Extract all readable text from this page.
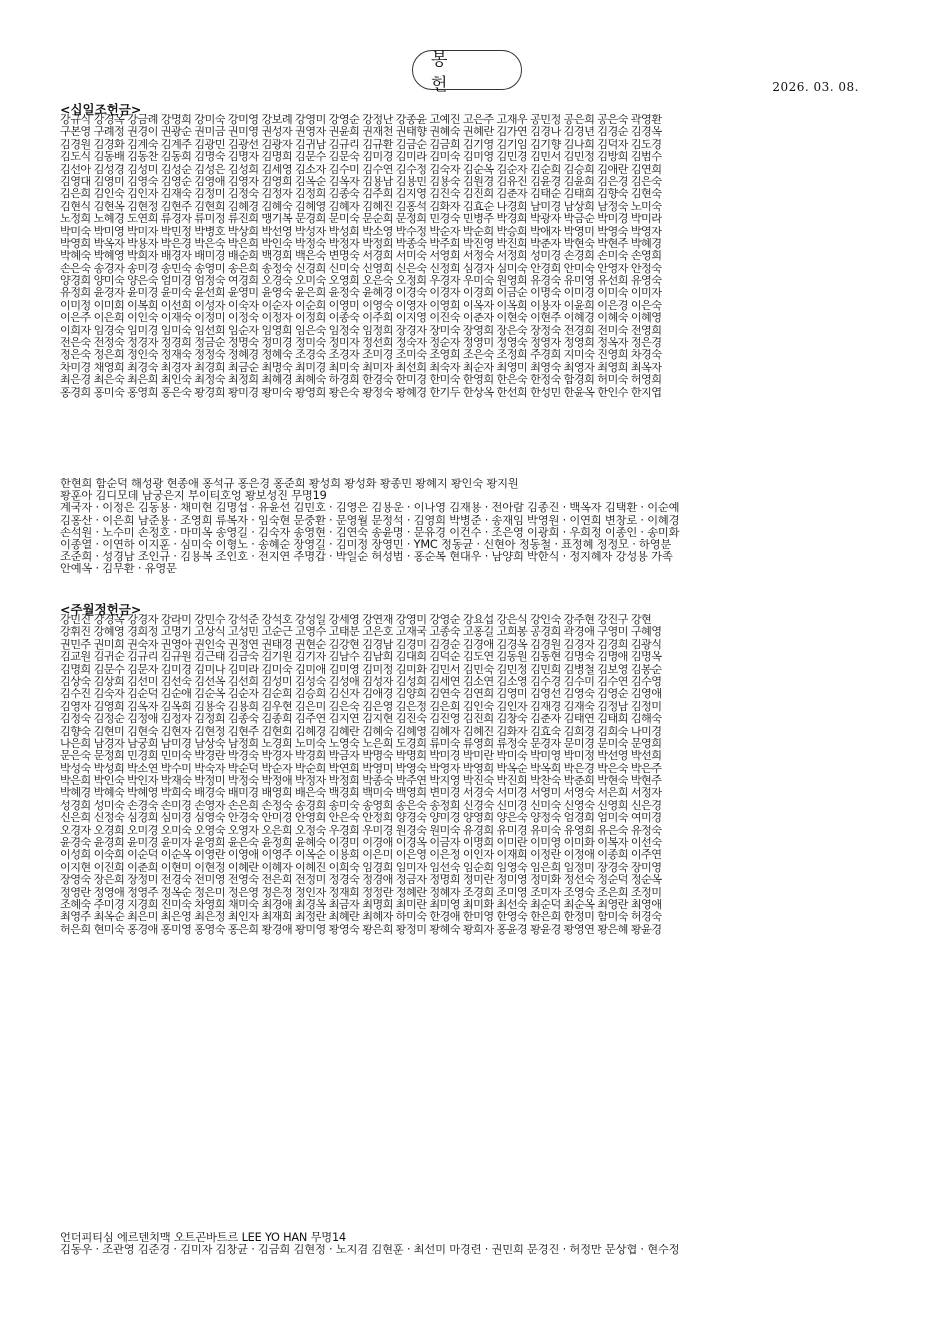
봉 헌	2026. 03. 08.
<십일조헌금>
강규식 강경옥 강금례 강명희 강미숙 강미영 강보례 강영미 강영순 강정난 강종윤 고예진 고은주 고재우 공민정 공은희 공은숙 곽영환
구본영 구례정 권경이 권광순 권미금 권미영 권성자 권영자 권윤희 권재천 권태향 권혜숙 권혜란 김가연 김경나 김경년 김경순 김경옥
김경원 김경화 김계숙 김계주 김광민 김광선 김광자 김귀남 김규리 김규환 김금순 김금희 김기영 김기임 김기향 김나희 김덕자 김도경
김도식 김동배 김동찬 김동희 김명숙 김명자 김명희 김문수 김문숙 김미경 김미라 김미숙 김미영 김민경 김민서 김민정 김방희 김범수
김선아 김성경 김성미 김성순 김성은 김성희 김세영 김소자 김수미 김수연 김수정 김숙자 김순옥 김순자 김순희 김승희 김애란 김연희
김영대 김영미 김영숙 김영순 김영애 김영자 김영희 김옥순 김옥자 김용남 김용민 김용숙 김원경 김유진 김윤경 김윤희 김은경 김은숙
김은희 김인숙 김인자 김재숙 김정미 김정숙 김정자 김정희 김종숙 김주희 김지영 김진숙 김진희 김춘자 김태순 김태희 김향숙 김현숙
김현식 김현옥 김현정 김현주 김현희 김혜경 김혜숙 김혜영 김혜자 김혜진 김홍석 김화자 김효순 나경희 남미경 남상희 남정숙 노미숙
노정희 노혜경 도연희 류경자 류미정 류진희 맹기복 문경희 문미숙 문순희 문정희 민경숙 민병주 박경희 박광자 박금순 박미경 박미라
박미숙 박미영 박미자 박민정 박병호 박상희 박선영 박성자 박성희 박소영 박수정 박순자 박순희 박승희 박애자 박영미 박영숙 박영자
박영희 박옥자 박용자 박은경 박은숙 박은희 박인숙 박정숙 박정자 박정희 박종숙 박주희 박진영 박진희 박춘자 박현숙 박현주 박혜경
박혜숙 박혜영 박희자 배경자 배미경 배순희 백경희 백은숙 변명숙 서경희 서미숙 서영희 서정숙 서정희 성미경 손경희 손미숙 손영희
손은숙 송경자 송미경 송민숙 송영미 송은희 송정숙 신경희 신미숙 신영희 신은숙 신정희 심경자 심미숙 안경희 안미숙 안영자 안정숙
양경희 양미숙 양은숙 엄미경 엄정숙 여경희 오경숙 오미숙 오영희 오은숙 오정희 우경자 우미숙 원영희 유경숙 유미영 유선희 유영숙
유정희 윤경자 윤미경 윤미숙 윤선희 윤영미 윤영숙 윤은희 윤정숙 윤혜경 이경숙 이경자 이경희 이금순 이명숙 이미경 이미숙 이미자
이미정 이미희 이복희 이선희 이성자 이숙자 이순자 이순희 이영미 이영숙 이영자 이영희 이옥자 이옥희 이용자 이윤희 이은경 이은숙
이은주 이은희 이인숙 이재숙 이정미 이정숙 이정자 이정희 이종숙 이주희 이지영 이진숙 이춘자 이현숙 이현주 이혜경 이혜숙 이혜영
이희자 임경숙 임미경 임미숙 임선희 임순자 임영희 임은숙 임정숙 임정희 장경자 장미숙 장영희 장은숙 장정숙 전경희 전미숙 전영희
전은숙 전정숙 정경자 정경희 정금순 정명숙 정미경 정미숙 정미자 정선희 정숙자 정순자 정영미 정영숙 정영자 정영희 정옥자 정은경
정은숙 정은희 정인숙 정재숙 정정숙 정혜경 정혜숙 조경숙 조경자 조미경 조미숙 조영희 조은숙 조정희 주경희 지미숙 진영희 차경숙
차미경 채영희 최경숙 최경자 최경희 최금순 최명숙 최미경 최미숙 최미자 최선희 최숙자 최순자 최영미 최영숙 최영자 최영희 최옥자
최은경 최은숙 최은희 최인숙 최정숙 최정희 최혜경 최혜숙 하경희 한경숙 한미경 한미숙 한영희 한은숙 한정숙 함경희 허미숙 허영희
홍경희 홍미숙 홍영희 홍은숙 황경희 황미경 황미숙 황영희 황은숙 황정숙 황혜경 한기두 한상옥 한선희 한성민 한윤옥 한인수 한지엽
한현희 함순덕 해성광 현종애 홍석규 홍은경 홍준희 황성희 황성화 황종민 황혜지 황인숙 황지원
황훈아 김디모데 남궁은지 부이티호엉 황보성진 무명19
계국자 · 이정은 김동용 · 채미현 김명섭 · 유윤선 김민호 · 김영은 김용운 · 이나영 김재용 · 전아람 김종진 · 백옥자 김택환 · 이순예
김홍산 · 이은희 남준용 · 조영희 류복자 · 임숙현 문중환 · 문영월 문정석 · 김영희 박병준 · 송재임 박영원 · 이연희 변창로 · 이혜경
손석원 · 노수미 손정호 · 마미옥 송영길 · 김숙자 송영현 · 김연숙 송윤명 · 문유경 이건수 · 조은영 이광희 · 우희정 이종인 · 송미화
이종열 · 이연하 이지훈 · 심미숙 이형노 · 송혜순 장영길 · 김미정 장영민 · YMC 정동균 · 신현아 정동철 · 표정혜 정정모 · 하영분
조준희 · 성경남 조인규 · 김용복 조인호 · 전지연 주명갑 · 박일순 허성범 · 홍순복 현대우 · 남양희 박한식 · 정지혜자 강성용 가족
안예옥 · 김무환 · 유영문
<주월정헌금>
강민진 강경옥 강경자 강라미 강민수 강석준 강석호 강성일 강세영 강연재 강영미 강영순 강요섭 강은식 강인숙 강주현 강진구 강현
강휘진 강혜영 경희정 고명기 고상식 고성민 고순근 고영수 고태분 고은호 고재국 고종숙 고홍길 고희봉 공경희 곽경애 구영미 구혜영
권민주 권미희 권숙자 권영아 권인숙 권정연 권태경 권현순 김강현 김경남 김경미 김경순 김경애 김경옥 김경원 김경자 김경희 김광식
김교원 김귀순 김규리 김규원 김근태 김금숙 김기원 김기자 김남수 김남희 김대희 김덕순 김도연 김동원 김동현 김명숙 김명애 김명옥
김명희 김문수 김문자 김미경 김미나 김미라 김미숙 김미애 김미영 김미정 김미화 김민서 김민숙 김민정 김민희 김병철 김보영 김봉순
김상숙 김상희 김선미 김선숙 김선옥 김선희 김성미 김성숙 김성애 김성자 김성희 김세연 김소연 김소영 김수경 김수미 김수연 김수영
김수진 김숙자 김순덕 김순애 김순옥 김순자 김순희 김승희 김신자 김애경 김양희 김연숙 김연희 김영미 김영선 김영숙 김영순 김영애
김영자 김영희 김옥자 김옥희 김용숙 김용희 김우현 김은미 김은숙 김은영 김은정 김은희 김인숙 김인자 김재경 김재숙 김정남 김정미
김정숙 김정순 김정애 김정자 김정희 김종숙 김종희 김주연 김지연 김지현 김진숙 김진영 김진희 김창숙 김춘자 김태연 김태희 김해숙
김향숙 김현미 김현숙 김현자 김현정 김현주 김현희 김혜경 김혜란 김혜숙 김혜영 김혜자 김혜진 김화자 김효숙 김희경 김희숙 나미경
나은희 남경자 남궁희 남미경 남상숙 남정희 노경희 노미숙 노영숙 노은희 도경희 류미숙 류영희 류정숙 문경자 문미경 문미숙 문영희
문은숙 문정희 민경희 민미숙 박경란 박경숙 박경자 박경희 박금자 박명숙 박명희 박미경 박미란 박미숙 박미영 박미정 박선영 박선희
박성숙 박성희 박소연 박수미 박숙자 박순덕 박순자 박순희 박연희 박영미 박영숙 박영자 박영희 박옥순 박옥희 박은경 박은숙 박은주
박은희 박인숙 박인자 박재숙 박정미 박정숙 박정애 박정자 박정희 박종숙 박주연 박지영 박진숙 박진희 박찬숙 박춘희 박현숙 박현주
박혜경 박혜숙 박혜영 박희숙 배경숙 배미경 배영희 배은숙 백경희 백미숙 백영희 변미경 서경숙 서미경 서영미 서영숙 서은희 서정자
성경희 성미숙 손경숙 손미경 손영자 손은희 손정숙 송경희 송미숙 송영희 송은숙 송정희 신경숙 신미경 신미숙 신영숙 신영희 신은경
신은희 신정숙 심경희 심미경 심영숙 안경숙 안미경 안영희 안은숙 안정희 양경숙 양미경 양영희 양은숙 양정숙 엄경희 엄미숙 여미경
오경자 오경희 오미경 오미숙 오영숙 오영자 오은희 오정숙 우경희 우미경 원경숙 원미숙 유경희 유미경 유미숙 유영희 유은숙 유정숙
윤경숙 윤경희 윤미경 윤미자 윤영희 윤은숙 윤정희 윤혜숙 이경미 이경애 이경옥 이금자 이명희 이미란 이미영 이미화 이복자 이선숙
이성희 이숙희 이순덕 이순옥 이영란 이영애 이영주 이옥순 이용희 이은미 이은영 이은정 이인자 이재희 이정란 이정애 이종희 이주연
이지현 이진희 이춘희 이현미 이현정 이혜란 이혜자 이혜진 이희숙 임경희 임미자 임선숙 임순희 임영숙 임은희 임정미 장경숙 장미영
장영숙 장은희 장정미 전경숙 전미영 전영숙 전은희 전정미 정경숙 정경애 정금자 정명희 정미란 정미영 정미화 정선숙 정순덕 정순옥
정영란 정영애 정영주 정옥순 정은미 정은영 정은정 정인자 정재희 정정란 정혜란 정혜자 조경희 조미영 조미자 조영숙 조은희 조정미
조혜숙 주미경 지경희 진미숙 차영희 채미숙 최경애 최경옥 최금자 최명희 최미란 최미영 최미화 최선숙 최순덕 최순옥 최영란 최영애
최영주 최옥순 최은미 최은영 최은정 최인자 최재희 최정란 최혜란 최혜자 하미숙 한경애 한미영 한영숙 한은희 한정미 함미숙 허경숙
허은희 현미숙 홍경애 홍미영 홍영숙 홍은희 황경애 황미영 황영숙 황은희 황정미 황혜숙 황희자 홍윤경 황윤경 황영연 황은혜 황윤경
언더피티심 에르덴치맥 오트곤바트르 LEE YO HAN 무명14
김동우 · 조관영 김준경 · 김미자 김창균 · 김금희 김현정 · 노지겸 김현훈 · 최선미 마경련 · 권민희 문경진 · 허정만 문상협 · 현수정
